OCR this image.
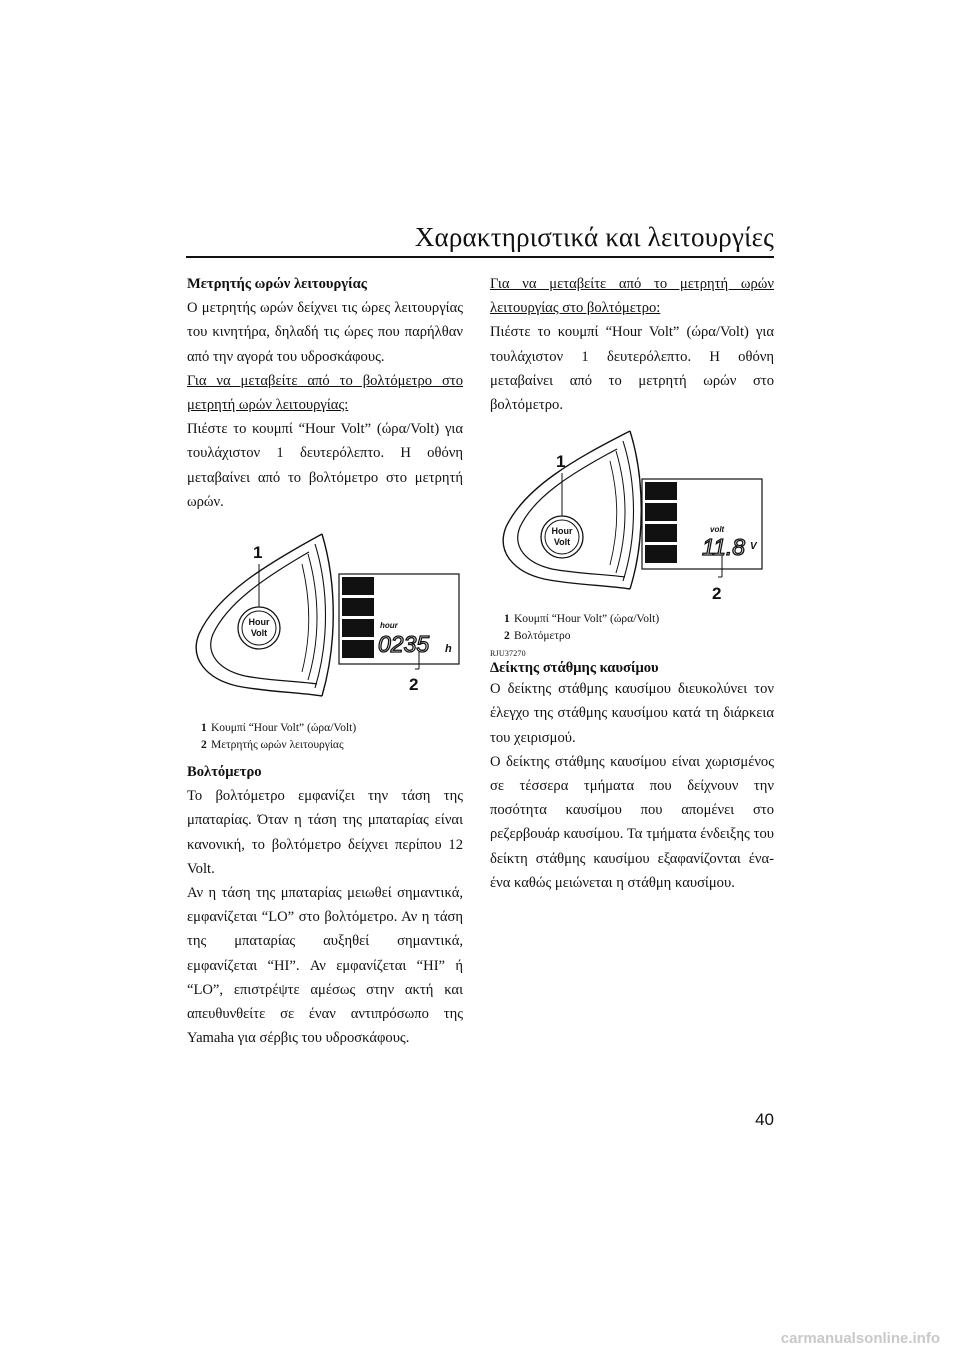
Χαρακτηριστικά και λειτουργίες

Μετρητής ωρών λειτουργίας

Ο μετρητής ωρών δείχνει τις ώρες λειτουργίας του κινητήρα, δηλαδή τις ώρες που παρήλθαν από την αγορά του υδροσκάφους.

Για να μεταβείτε από το βολτόμετρο στο μετρητή ωρών λειτουργίας:

Πιέστε το κουμπί “Hour Volt” (ώρα/Volt) για τουλάχιστον 1 δευτερόλεπτο. Η οθόνη μεταβαίνει από το βολτόμετρο στο μετρητή ωρών.

Hour
Volt
1
hour
0235 h
2
1 Κουμπί “Hour Volt” (ώρα/Volt)
2 Μετρητής ωρών λειτουργίας

Βολτόμετρο

Το βολτόμετρο εμφανίζει την τάση της μπαταρίας. Όταν η τάση της μπαταρίας είναι κανονική, το βολτόμετρο δείχνει περίπου 12 Volt.

Αν η τάση της μπαταρίας μειωθεί σημαντικά, εμφανίζεται “LO” στο βολτόμετρο. Αν η τάση της μπαταρίας αυξηθεί σημαντικά, εμφανίζεται “HI”. Αν εμφανίζεται “HI” ή “LO”, επιστρέψτε αμέσως στην ακτή και απευθυνθείτε σε έναν αντιπρόσωπο της Yamaha για σέρβις του υδροσκάφους.

Για να μεταβείτε από το μετρητή ωρών λειτουργίας στο βολτόμετρο:

Πιέστε το κουμπί “Hour Volt” (ώρα/Volt) για τουλάχιστον 1 δευτερόλεπτο. Η οθόνη μεταβαίνει από το μετρητή ωρών στο βολτόμετρο.

Hour
Volt
1
volt
11.8 V
2
1 Κουμπί “Hour Volt” (ώρα/Volt)
2 Βολτόμετρο
RJU37270

Δείκτης στάθμης καυσίμου

Ο δείκτης στάθμης καυσίμου διευκολύνει τον έλεγχο της στάθμης καυσίμου κατά τη διάρκεια του χειρισμού.

Ο δείκτης στάθμης καυσίμου είναι χωρισμένος σε τέσσερα τμήματα που δείχνουν την ποσότητα καυσίμου που απομένει στο ρεζερβουάρ καυσίμου. Τα τμήματα ένδειξης του δείκτη στάθμης καυσίμου εξαφανίζονται ένα-ένα καθώς μειώνεται η στάθμη καυσίμου.

40
carmanualsonline.info
